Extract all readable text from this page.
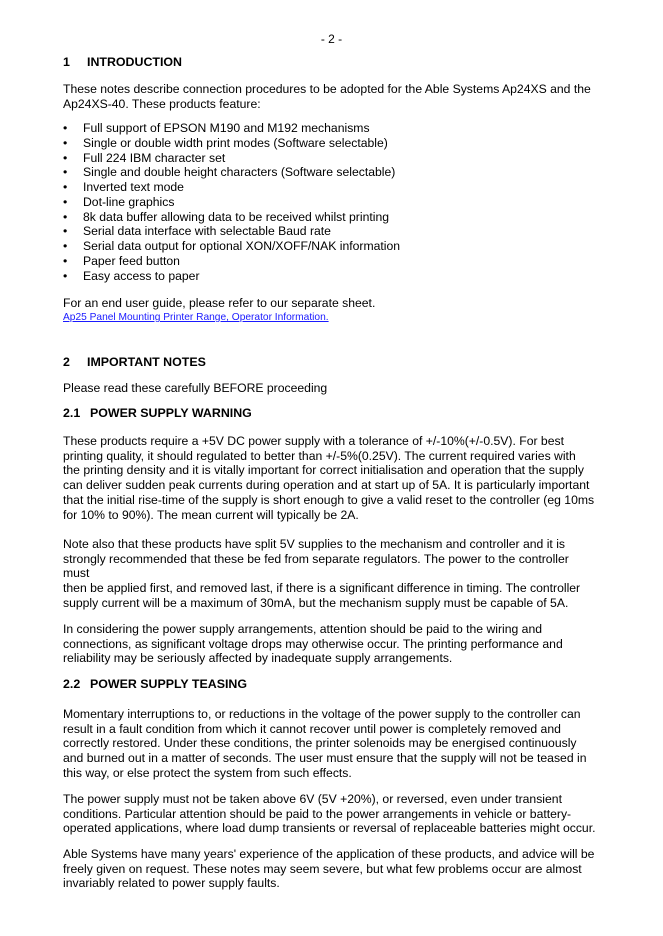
- 2 -
1 INTRODUCTION
These notes describe connection procedures to be adopted for the Able Systems Ap24XS and the
Ap24XS-40. These products feature:
• Full support of EPSON M190 and M192 mechanisms
• Single or double width print modes (Software selectable)
• Full 224 IBM character set
• Single and double height characters (Software selectable)
• Inverted text mode
• Dot-line graphics
• 8k data buffer allowing data to be received whilst printing
• Serial data interface with selectable Baud rate
• Serial data output for optional XON/XOFF/NAK information
• Paper feed button
• Easy access to paper
For an end user guide, please refer to our separate sheet.
Ap25 Panel Mounting Printer Range, Operator Information.
2 IMPORTANT NOTES
Please read these carefully BEFORE proceeding
2.1 POWER SUPPLY WARNING
These products require a +5V DC power supply with a tolerance of +/-10%(+/-0.5V). For best
printing quality, it should regulated to better than +/-5%(0.25V). The current required varies with
the printing density and it is vitally important for correct initialisation and operation that the supply
can deliver sudden peak currents during operation and at start up of 5A. It is particularly important
that the initial rise-time of the supply is short enough to give a valid reset to the controller (eg 10ms
for 10% to 90%). The mean current will typically be 2A.
Note also that these products have split 5V supplies to the mechanism and controller and it is
strongly recommended that these be fed from separate regulators. The power to the controller
must
then be applied first, and removed last, if there is a significant difference in timing. The controller
supply current will be a maximum of 30mA, but the mechanism supply must be capable of 5A.
In considering the power supply arrangements, attention should be paid to the wiring and
connections, as significant voltage drops may otherwise occur. The printing performance and
reliability may be seriously affected by inadequate supply arrangements.
2.2 POWER SUPPLY TEASING
Momentary interruptions to, or reductions in the voltage of the power supply to the controller can
result in a fault condition from which it cannot recover until power is completely removed and
correctly restored. Under these conditions, the printer solenoids may be energised continuously
and burned out in a matter of seconds. The user must ensure that the supply will not be teased in
this way, or else protect the system from such effects.
The power supply must not be taken above 6V (5V +20%), or reversed, even under transient
conditions. Particular attention should be paid to the power arrangements in vehicle or battery-
operated applications, where load dump transients or reversal of replaceable batteries might occur.
Able Systems have many years' experience of the application of these products, and advice will be
freely given on request. These notes may seem severe, but what few problems occur are almost
invariably related to power supply faults.
